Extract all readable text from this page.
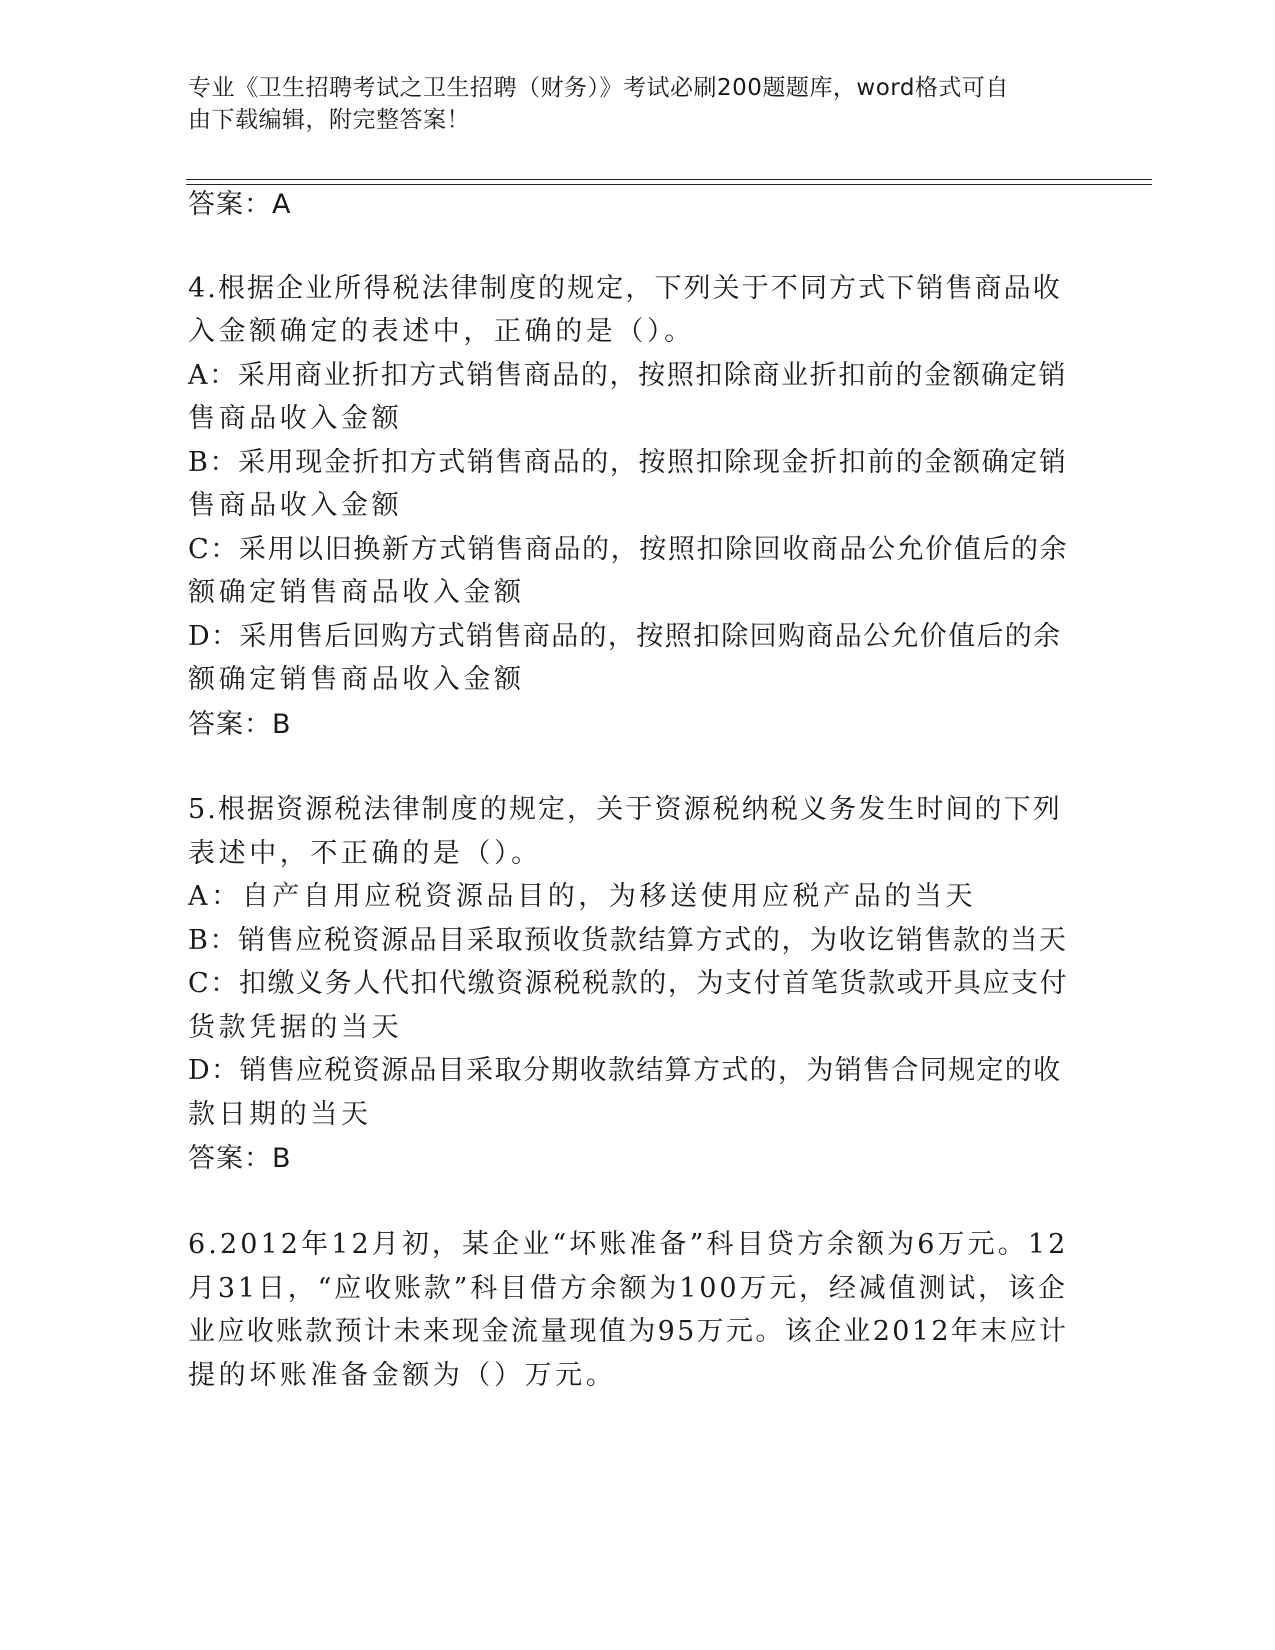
专业《卫生招聘考试之卫生招聘（财务）》考试必刷200题题库，word格式可自
由下载编辑，附完整答案！
答案：A
4.根据企业所得税法律制度的规定，下列关于不同方式下销售商品收
入金额确定的表述中，正确的是（）。
A：采用商业折扣方式销售商品的，按照扣除商业折扣前的金额确定销
售商品收入金额
B：采用现金折扣方式销售商品的，按照扣除现金折扣前的金额确定销
售商品收入金额
C：采用以旧换新方式销售商品的，按照扣除回收商品公允价值后的余
额确定销售商品收入金额
D：采用售后回购方式销售商品的，按照扣除回购商品公允价值后的余
额确定销售商品收入金额
答案：B
5.根据资源税法律制度的规定，关于资源税纳税义务发生时间的下列
表述中，不正确的是（）。
A：自产自用应税资源品目的，为移送使用应税产品的当天
B：销售应税资源品目采取预收货款结算方式的，为收讫销售款的当天
C：扣缴义务人代扣代缴资源税税款的，为支付首笔货款或开具应支付
货款凭据的当天
D：销售应税资源品目采取分期收款结算方式的，为销售合同规定的收
款日期的当天
答案：B
6.2012年12月初，某企业“坏账准备”科目贷方余额为6万元。12
月31日，“应收账款”科目借方余额为100万元，经减值测试，该企
业应收账款预计未来现金流量现值为95万元。该企业2012年末应计
提的坏账准备金额为（）万元。
